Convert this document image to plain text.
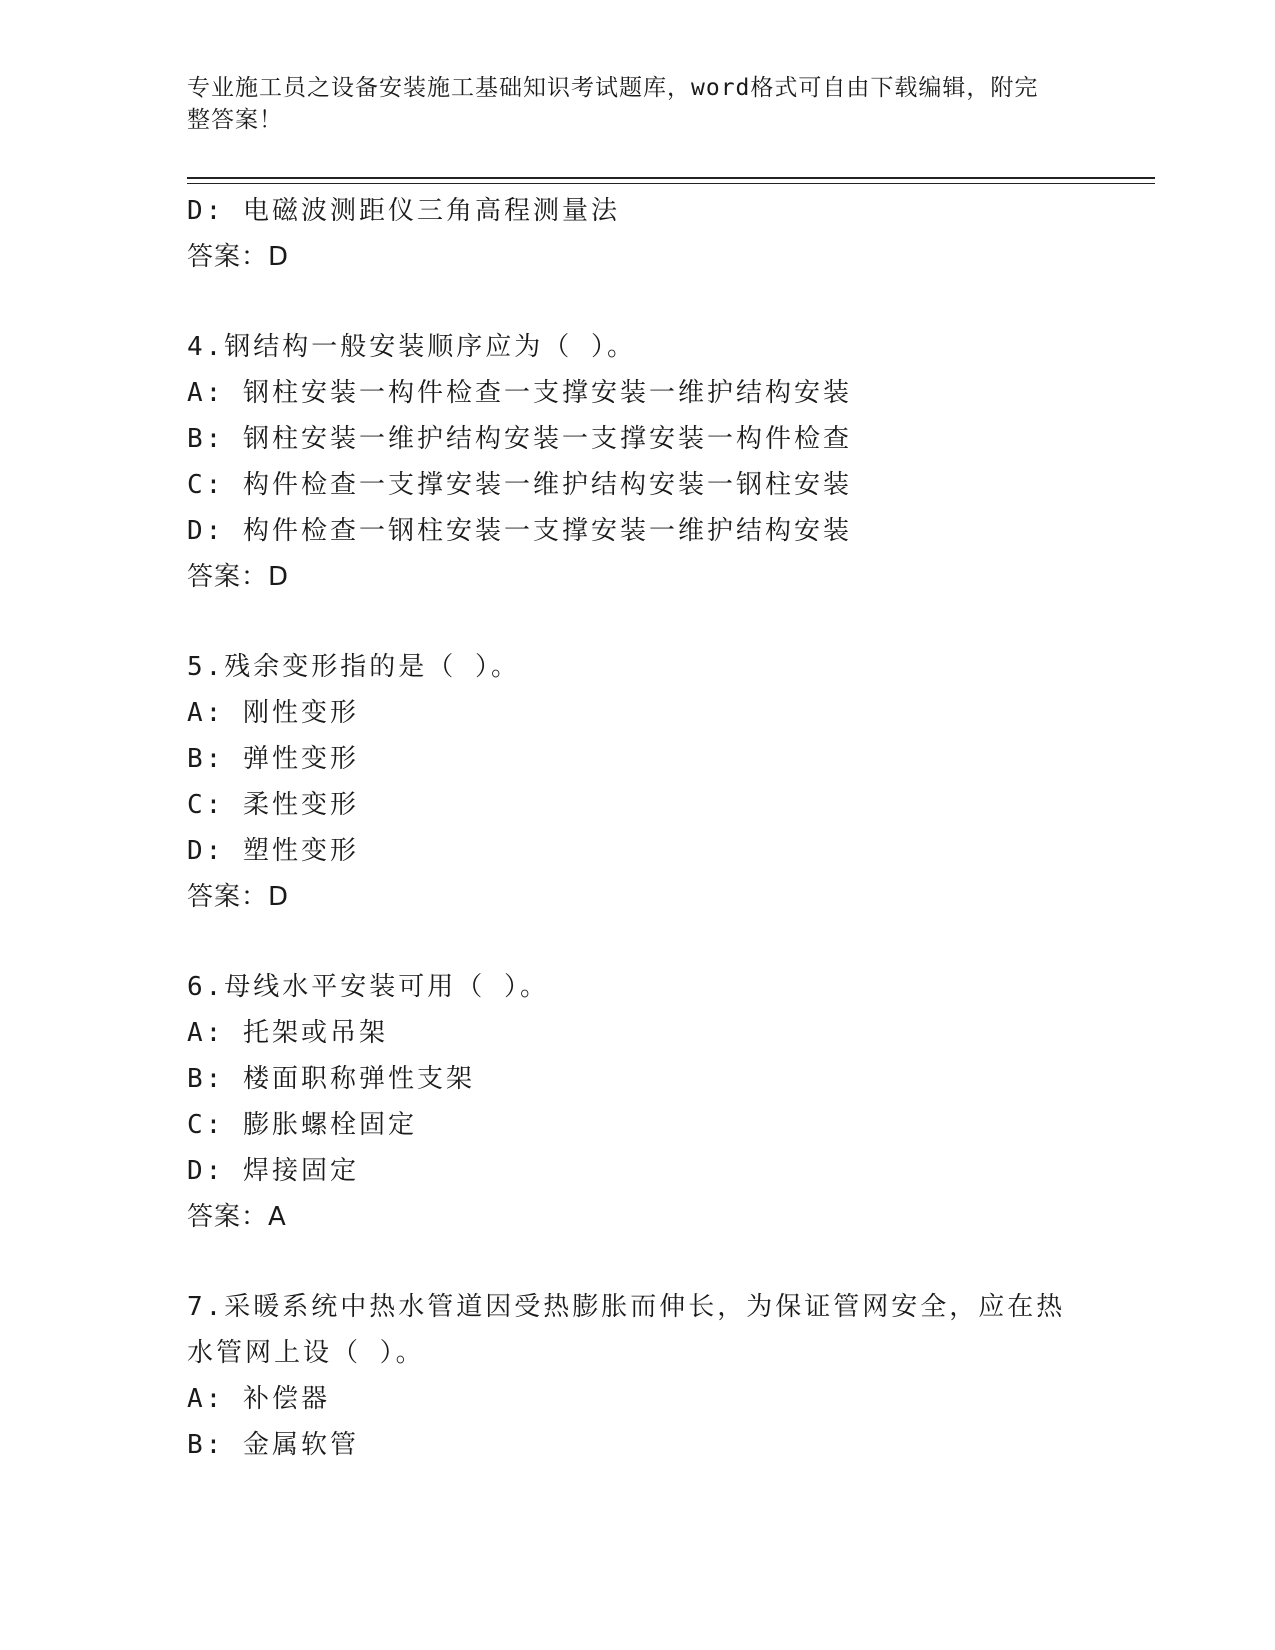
专业施工员之设备安装施工基础知识考试题库，word格式可自由下载编辑，附完
整答案！
D: 电磁波测距仪三角高程测量法
答案：D
4.钢结构一般安装顺序应为（ ）。
A: 钢柱安装一构件检查一支撑安装一维护结构安装
B: 钢柱安装一维护结构安装一支撑安装一构件检查
C: 构件检查一支撑安装一维护结构安装一钢柱安装
D: 构件检查一钢柱安装一支撑安装一维护结构安装
答案：D
5.残余变形指的是（ ）。
A: 刚性变形
B: 弹性变形
C: 柔性变形
D: 塑性变形
答案：D
6.母线水平安装可用（ ）。
A: 托架或吊架
B: 楼面职称弹性支架
C: 膨胀螺栓固定
D: 焊接固定
答案：A
7.采暖系统中热水管道因受热膨胀而伸长，为保证管网安全，应在热
水管网上设（ ）。
A: 补偿器
B: 金属软管
